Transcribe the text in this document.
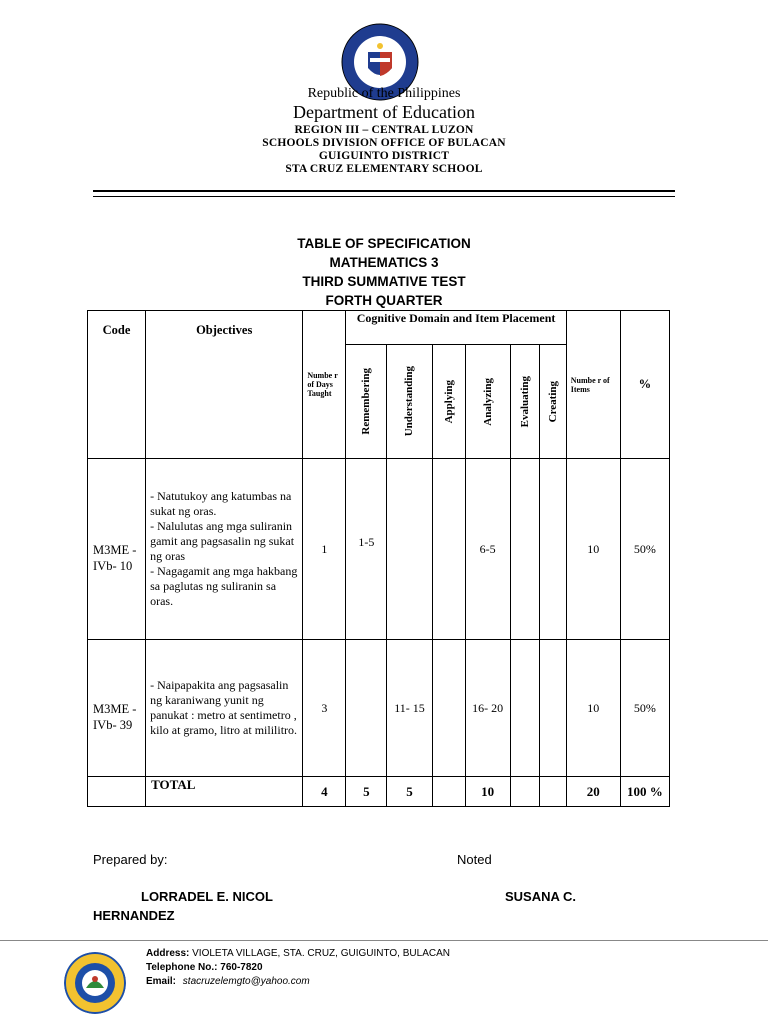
Republic of the Philippines
Department of Education
REGION III – CENTRAL LUZON
SCHOOLS DIVISION OFFICE OF BULACAN
GUIGUINTO DISTRICT
STA CRUZ ELEMENTARY SCHOOL
TABLE OF SPECIFICATION
MATHEMATICS 3
THIRD SUMMATIVE TEST
FORTH QUARTER
Code	Objectives	Numbe r of Days Taught	Cognitive Domain and Item Placement						Numbe r of Items	%

			Remembering	Understanding	Applying	Analyzing	Evaluating	Creating		

M3ME -IVb- 10	- Natutukoy ang katumbas na sukat ng oras.
- Nalulutas ang mga suliranin gamit ang pagsasalin ng sukat ng oras
- Nagagamit ang mga hakbang sa paglutas ng suliranin sa oras.	1	1-5			6-5			10	50%
M3ME -IVb- 39	- Naipapakita ang pagsasalin ng karaniwang yunit ng panukat : metro at sentimetro , kilo at gramo, litro at mililitro.	3		11- 15		16- 20			10	50%
	TOTAL	4	5	5		10			20	100 %
Prepared by:	Noted
LORRADEL E. NICOL	SUSANA C.
HERNANDEZ
Address: VIOLETA VILLAGE, STA. CRUZ, GUIGUINTO, BULACAN
Telephone No.: 760-7820
Email: stacruzelemgto@yahoo.com
